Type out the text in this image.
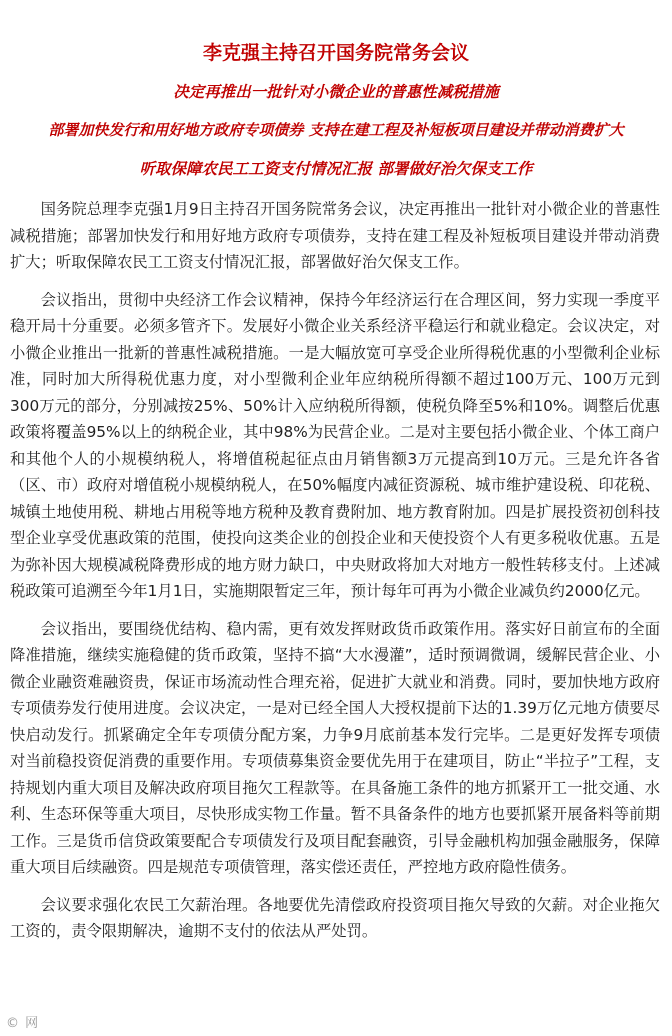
李克强主持召开国务院常务会议
决定再推出一批针对小微企业的普惠性减税措施
部署加快发行和用好地方政府专项债券 支持在建工程及补短板项目建设并带动消费扩大
听取保障农民工工资支付情况汇报 部署做好治欠保支工作

国务院总理李克强1月9日主持召开国务院常务会议，决定再推出一批针对小微企业的普惠性减税措施；部署加快发行和用好地方政府专项债券，支持在建工程及补短板项目建设并带动消费扩大；听取保障农民工工资支付情况汇报，部署做好治欠保支工作。

会议指出，贯彻中央经济工作会议精神，保持今年经济运行在合理区间，努力实现一季度平稳开局十分重要。必须多管齐下。发展好小微企业关系经济平稳运行和就业稳定。会议决定，对小微企业推出一批新的普惠性减税措施。一是大幅放宽可享受企业所得税优惠的小型微利企业标准，同时加大所得税优惠力度，对小型微利企业年应纳税所得额不超过100万元、100万元到300万元的部分，分别减按25%、50%计入应纳税所得额，使税负降至5%和10%。调整后优惠政策将覆盖95%以上的纳税企业，其中98%为民营企业。二是对主要包括小微企业、个体工商户和其他个人的小规模纳税人，将增值税起征点由月销售额3万元提高到10万元。三是允许各省（区、市）政府对增值税小规模纳税人，在50%幅度内减征资源税、城市维护建设税、印花税、城镇土地使用税、耕地占用税等地方税种及教育费附加、地方教育附加。四是扩展投资初创科技型企业享受优惠政策的范围，使投向这类企业的创投企业和天使投资个人有更多税收优惠。五是为弥补因大规模减税降费形成的地方财力缺口，中央财政将加大对地方一般性转移支付。上述减税政策可追溯至今年1月1日，实施期限暂定三年，预计每年可再为小微企业减负约2000亿元。

会议指出，要围绕优结构、稳内需，更有效发挥财政货币政策作用。落实好日前宣布的全面降准措施，继续实施稳健的货币政策，坚持不搞“大水漫灌”，适时预调微调，缓解民营企业、小微企业融资难融资贵，保证市场流动性合理充裕，促进扩大就业和消费。同时，要加快地方政府专项债券发行使用进度。会议决定，一是对已经全国人大授权提前下达的1.39万亿元地方债要尽快启动发行。抓紧确定全年专项债分配方案，力争9月底前基本发行完毕。二是更好发挥专项债对当前稳投资促消费的重要作用。专项债募集资金要优先用于在建项目，防止“半拉子”工程，支持规划内重大项目及解决政府项目拖欠工程款等。在具备施工条件的地方抓紧开工一批交通、水利、生态环保等重大项目，尽快形成实物工作量。暂不具备条件的地方也要抓紧开展备料等前期工作。三是货币信贷政策要配合专项债发行及项目配套融资，引导金融机构加强金融服务，保障重大项目后续融资。四是规范专项债管理，落实偿还责任，严控地方政府隐性债务。

会议要求强化农民工欠薪治理。各地要优先清偿政府投资项目拖欠导致的欠薪。对企业拖欠工资的，责令限期解决，逾期不支付的依法从严处罚。

© 网
